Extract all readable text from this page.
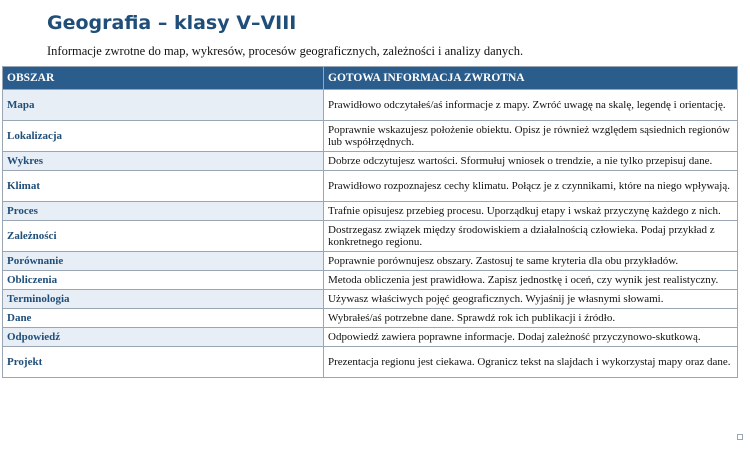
Geografia – klasy V–VIII
Informacje zwrotne do map, wykresów, procesów geograficznych, zależności i analizy danych.
OBSZAR	GOTOWA INFORMACJA ZWROTNA
Mapa	Prawidłowo odczytałeś/aś informacje z mapy. Zwróć uwagę na skalę, legendę i orientację.
Lokalizacja	Poprawnie wskazujesz położenie obiektu. Opisz je również względem sąsiednich regionów lub współrzędnych.
Wykres	Dobrze odczytujesz wartości. Sformułuj wniosek o trendzie, a nie tylko przepisuj dane.
Klimat	Prawidłowo rozpoznajesz cechy klimatu. Połącz je z czynnikami, które na niego wpływają.
Proces	Trafnie opisujesz przebieg procesu. Uporządkuj etapy i wskaż przyczynę każdego z nich.
Zależności	Dostrzegasz związek między środowiskiem a działalnością człowieka. Podaj przykład z konkretnego regionu.
Porównanie	Poprawnie porównujesz obszary. Zastosuj te same kryteria dla obu przykładów.
Obliczenia	Metoda obliczenia jest prawidłowa. Zapisz jednostkę i oceń, czy wynik jest realistyczny.
Terminologia	Używasz właściwych pojęć geograficznych. Wyjaśnij je własnymi słowami.
Dane	Wybrałeś/aś potrzebne dane. Sprawdź rok ich publikacji i źródło.
Odpowiedź	Odpowiedź zawiera poprawne informacje. Dodaj zależność przyczynowo-skutkową.
Projekt	Prezentacja regionu jest ciekawa. Ogranicz tekst na slajdach i wykorzystaj mapy oraz dane.
